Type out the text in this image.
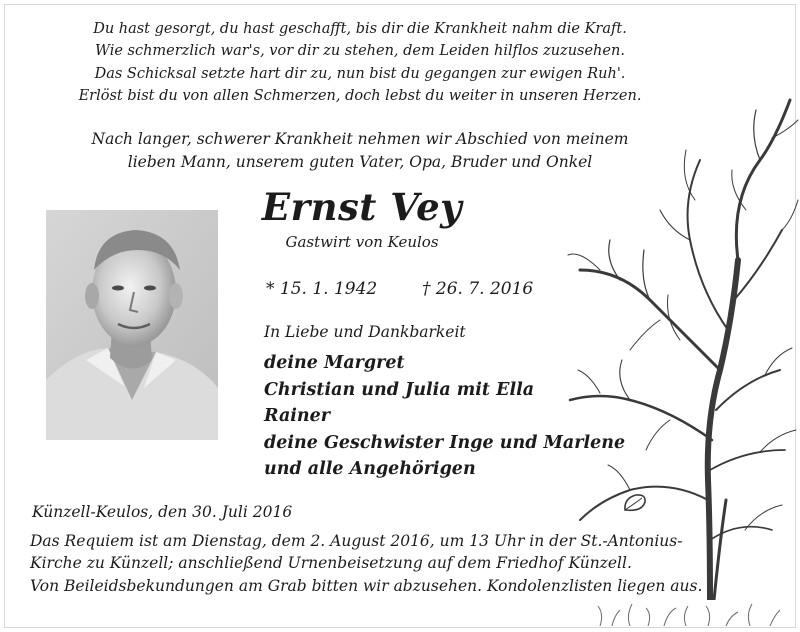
Du hast gesorgt, du hast geschafft, bis dir die Krankheit nahm die Kraft.
Wie schmerzlich war's, vor dir zu stehen, dem Leiden hilflos zuzusehen.
Das Schicksal setzte hart dir zu, nun bist du gegangen zur ewigen Ruh'.
Erlöst bist du von allen Schmerzen, doch lebst du weiter in unseren Herzen.
Nach langer, schwerer Krankheit nehmen wir Abschied von meinem
lieben Mann, unserem guten Vater, Opa, Bruder und Onkel
Ernst Vey
Gastwirt von Keulos
* 15. 1. 1942	† 26. 7. 2016
In Liebe und Dankbarkeit
deine Margret
Christian und Julia mit Ella
Rainer
deine Geschwister Inge und Marlene
und alle Angehörigen
Künzell-Keulos, den 30. Juli 2016
Das Requiem ist am Dienstag, dem 2. August 2016, um 13 Uhr in der St.-Antonius-
Kirche zu Künzell; anschließend Urnenbeisetzung auf dem Friedhof Künzell.
Von Beileidsbekundungen am Grab bitten wir abzusehen. Kondolenzlisten liegen aus.
